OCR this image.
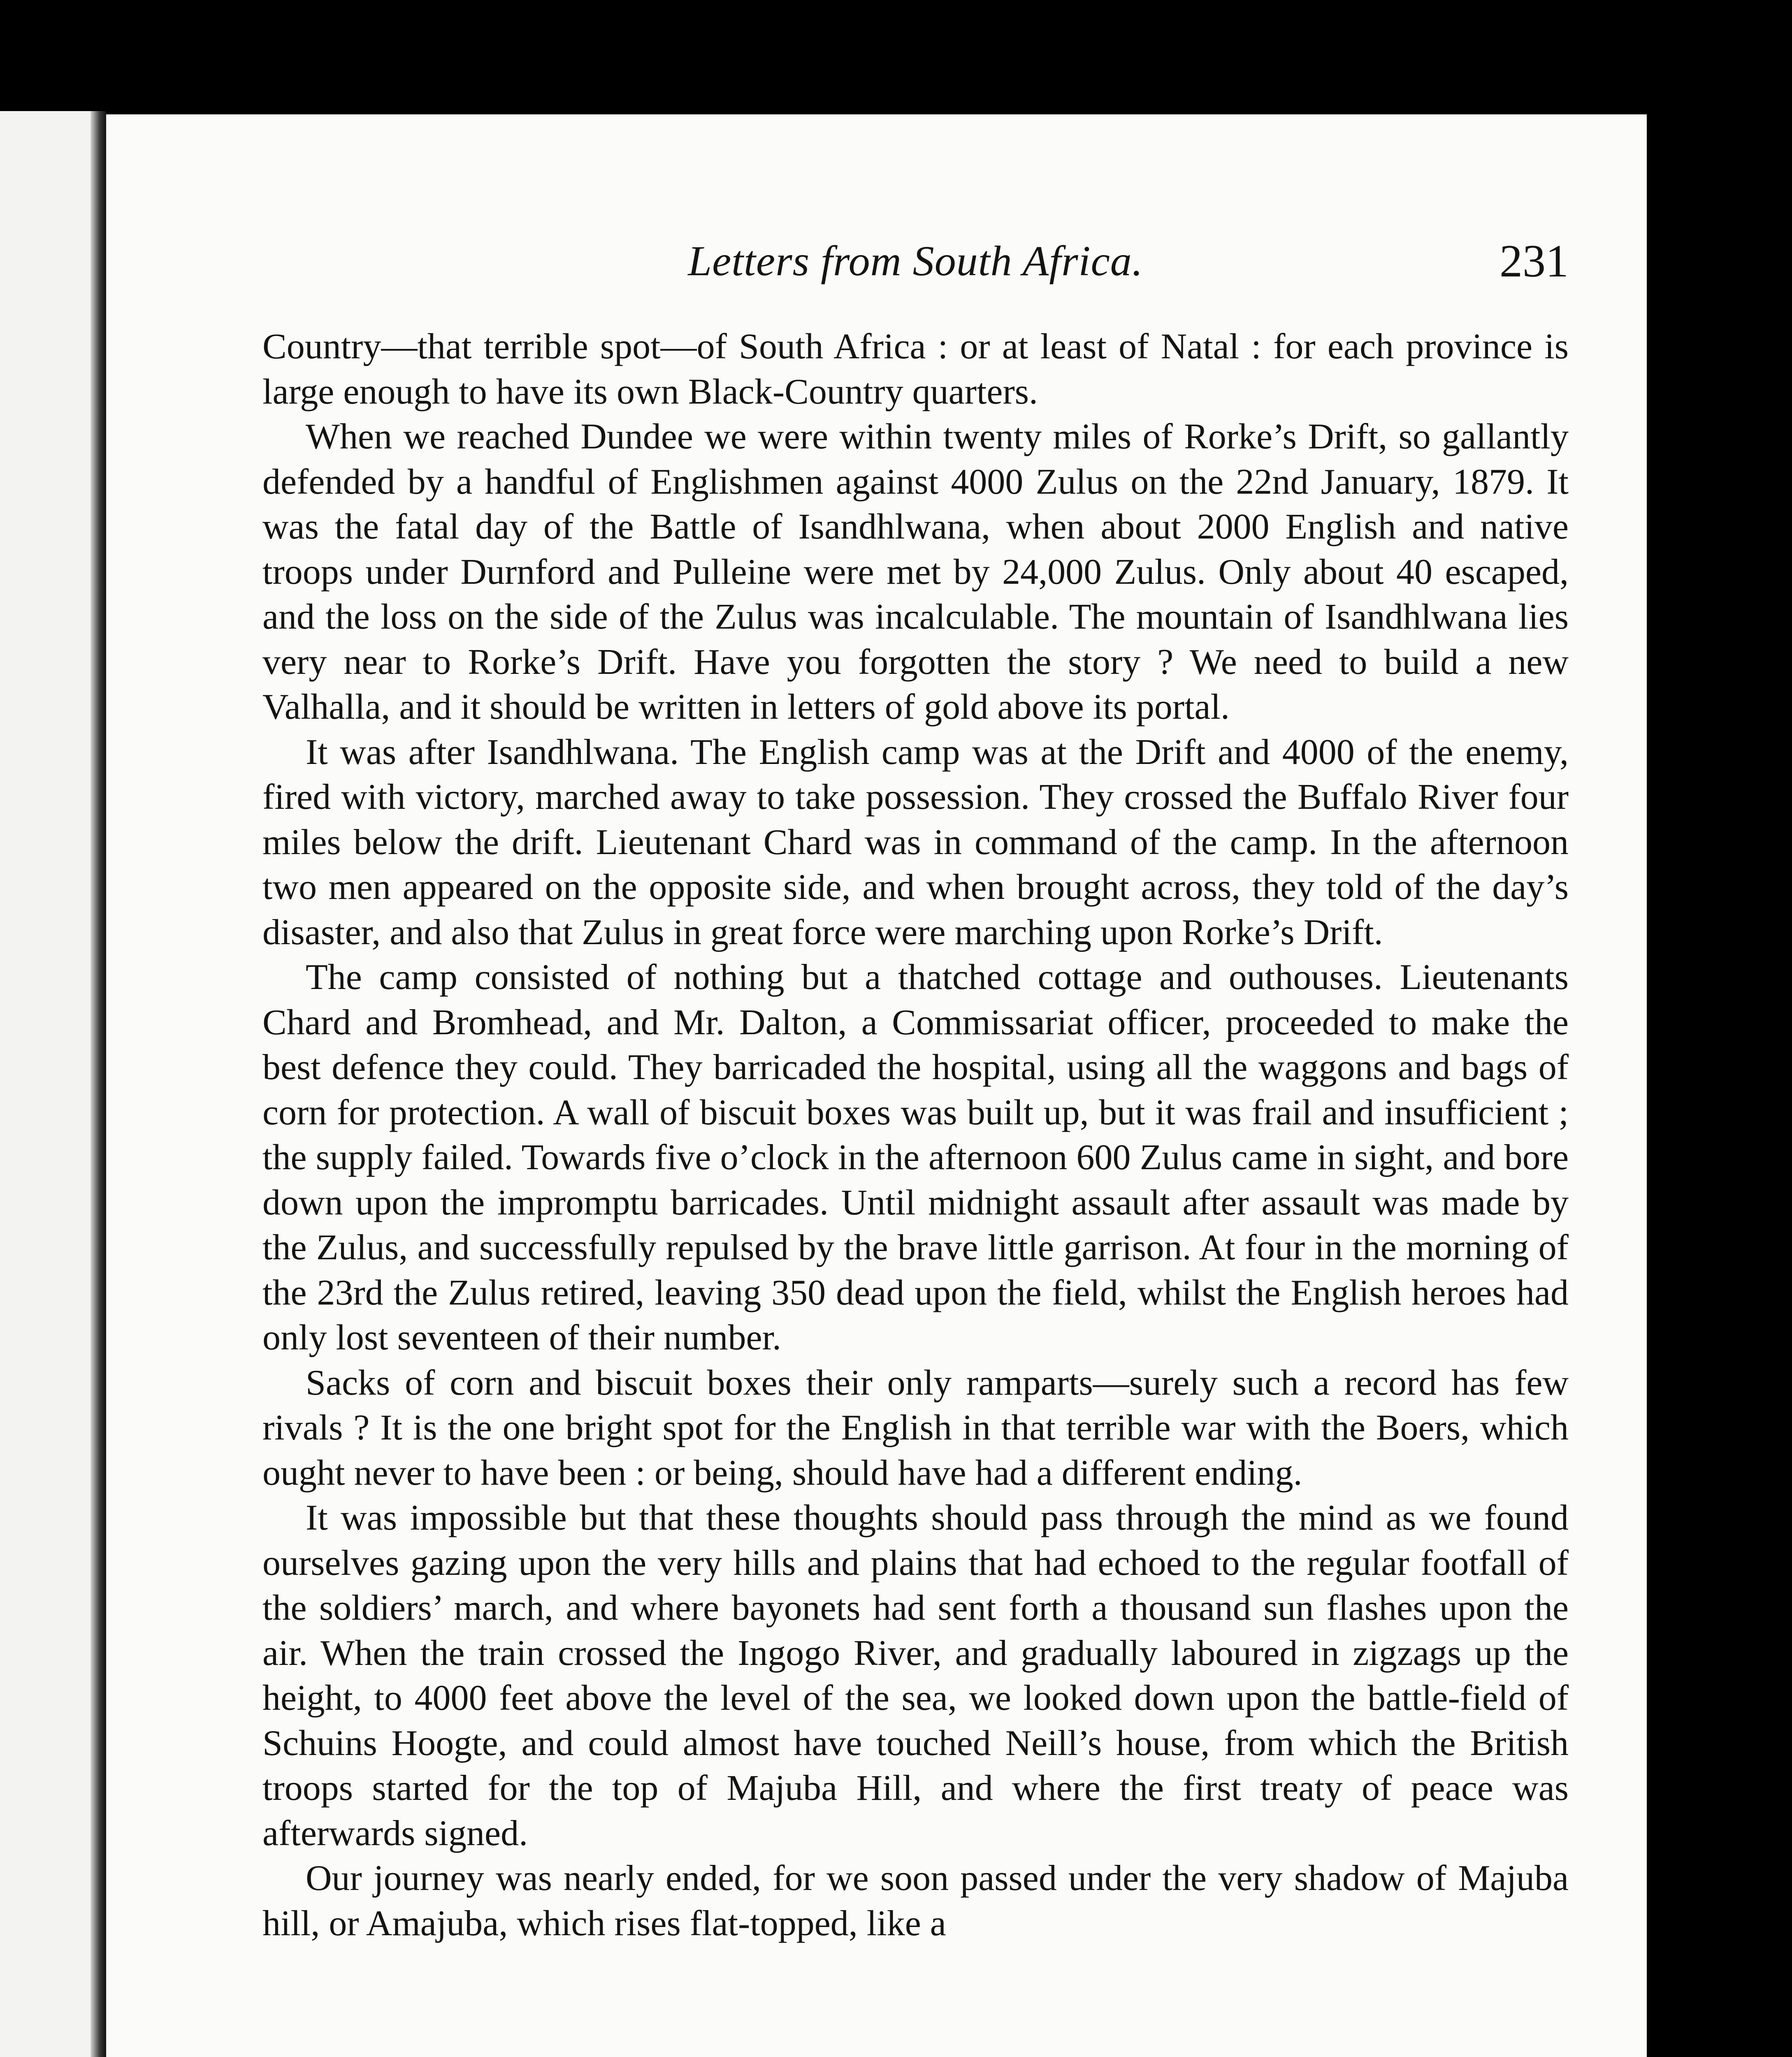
Letters from South Africa.	231

Country—that terrible spot—of South Africa : or at least of Natal : for each province is large enough to have its own Black-Country quarters.

When we reached Dundee we were within twenty miles of Rorke’s Drift, so gallantly defended by a handful of Englishmen against 4000 Zulus on the 22nd January, 1879. It was the fatal day of the Battle of Isandhlwana, when about 2000 English and native troops under Durnford and Pulleine were met by 24,000 Zulus. Only about 40 escaped, and the loss on the side of the Zulus was incalculable. The mountain of Isandhlwana lies very near to Rorke’s Drift. Have you forgotten the story ? We need to build a new Valhalla, and it should be written in letters of gold above its portal.

It was after Isandhlwana. The English camp was at the Drift and 4000 of the enemy, fired with victory, marched away to take possession. They crossed the Buffalo River four miles below the drift. Lieutenant Chard was in command of the camp. In the afternoon two men appeared on the opposite side, and when brought across, they told of the day’s disaster, and also that Zulus in great force were marching upon Rorke’s Drift.

The camp consisted of nothing but a thatched cottage and outhouses. Lieutenants Chard and Bromhead, and Mr. Dalton, a Commissariat officer, proceeded to make the best defence they could. They barricaded the hospital, using all the waggons and bags of corn for protection. A wall of biscuit boxes was built up, but it was frail and insufficient ; the supply failed. Towards five o’clock in the afternoon 600 Zulus came in sight, and bore down upon the impromptu barricades. Until midnight assault after assault was made by the Zulus, and successfully repulsed by the brave little garrison. At four in the morning of the 23rd the Zulus retired, leaving 350 dead upon the field, whilst the English heroes had only lost seventeen of their number.

Sacks of corn and biscuit boxes their only ramparts—surely such a record has few rivals ? It is the one bright spot for the English in that terrible war with the Boers, which ought never to have been : or being, should have had a different ending.

It was impossible but that these thoughts should pass through the mind as we found ourselves gazing upon the very hills and plains that had echoed to the regular footfall of the soldiers’ march, and where bayonets had sent forth a thousand sun flashes upon the air. When the train crossed the Ingogo River, and gradually laboured in zigzags up the height, to 4000 feet above the level of the sea, we looked down upon the battle-field of Schuins Hoogte, and could almost have touched Neill’s house, from which the British troops started for the top of Majuba Hill, and where the first treaty of peace was afterwards signed.

Our journey was nearly ended, for we soon passed under the very shadow of Majuba hill, or Amajuba, which rises flat-topped, like a
